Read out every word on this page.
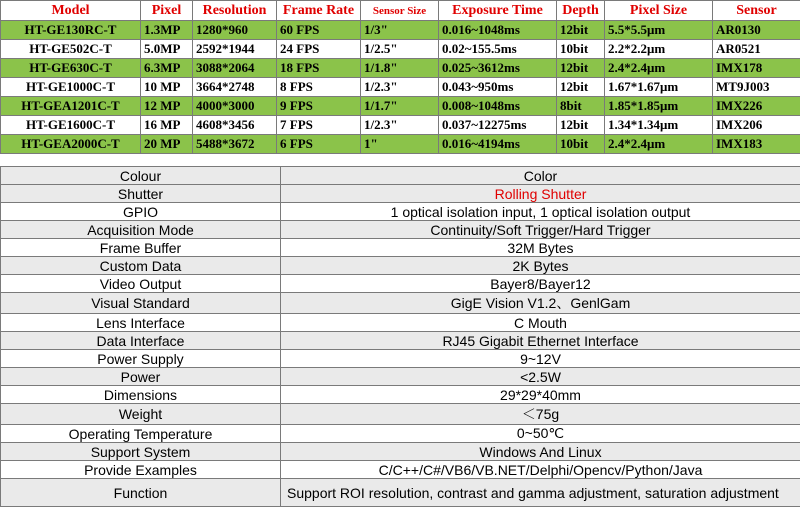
Model	Pixel	Resolution	Frame Rate	Sensor Size	Exposure Time	Depth	Pixel Size	Sensor
HT-GE130RC-T	1.3MP	1280*960	60 FPS	1/3"	0.016~1048ms	12bit	5.5*5.5μm	AR0130
HT-GE502C-T	5.0MP	2592*1944	24 FPS	1/2.5"	0.02~155.5ms	10bit	2.2*2.2μm	AR0521
HT-GE630C-T	6.3MP	3088*2064	18 FPS	1/1.8"	0.025~3612ms	12bit	2.4*2.4μm	IMX178
HT-GE1000C-T	10 MP	3664*2748	8 FPS	1/2.3"	0.043~950ms	12bit	1.67*1.67μm	MT9J003
HT-GEA1201C-T	12 MP	4000*3000	9 FPS	1/1.7"	0.008~1048ms	8bit	1.85*1.85μm	IMX226
HT-GE1600C-T	16 MP	4608*3456	7 FPS	1/2.3"	0.037~12275ms	12bit	1.34*1.34μm	IMX206
HT-GEA2000C-T	20 MP	5488*3672	6 FPS	1"	0.016~4194ms	10bit	2.4*2.4μm	IMX183
Colour	Color
Shutter	Rolling Shutter
GPIO	1 optical isolation input, 1 optical isolation output
Acquisition Mode	Continuity/Soft Trigger/Hard Trigger
Frame Buffer	32M Bytes
Custom Data	2K Bytes
Video Output	Bayer8/Bayer12
Visual Standard	GigE Vision V1.2、GenlGam
Lens Interface	C Mouth
Data Interface	RJ45 Gigabit Ethernet Interface
Power Supply	9~12V
Power	<2.5W
Dimensions	29*29*40mm
Weight	＜75g
Operating Temperature	0~50℃
Support System	Windows And Linux
Provide Examples	C/C++/C#/VB6/VB.NET/Delphi/Opencv/Python/Java
Function	Support ROI resolution, contrast and gamma adjustment, saturation adjustment
